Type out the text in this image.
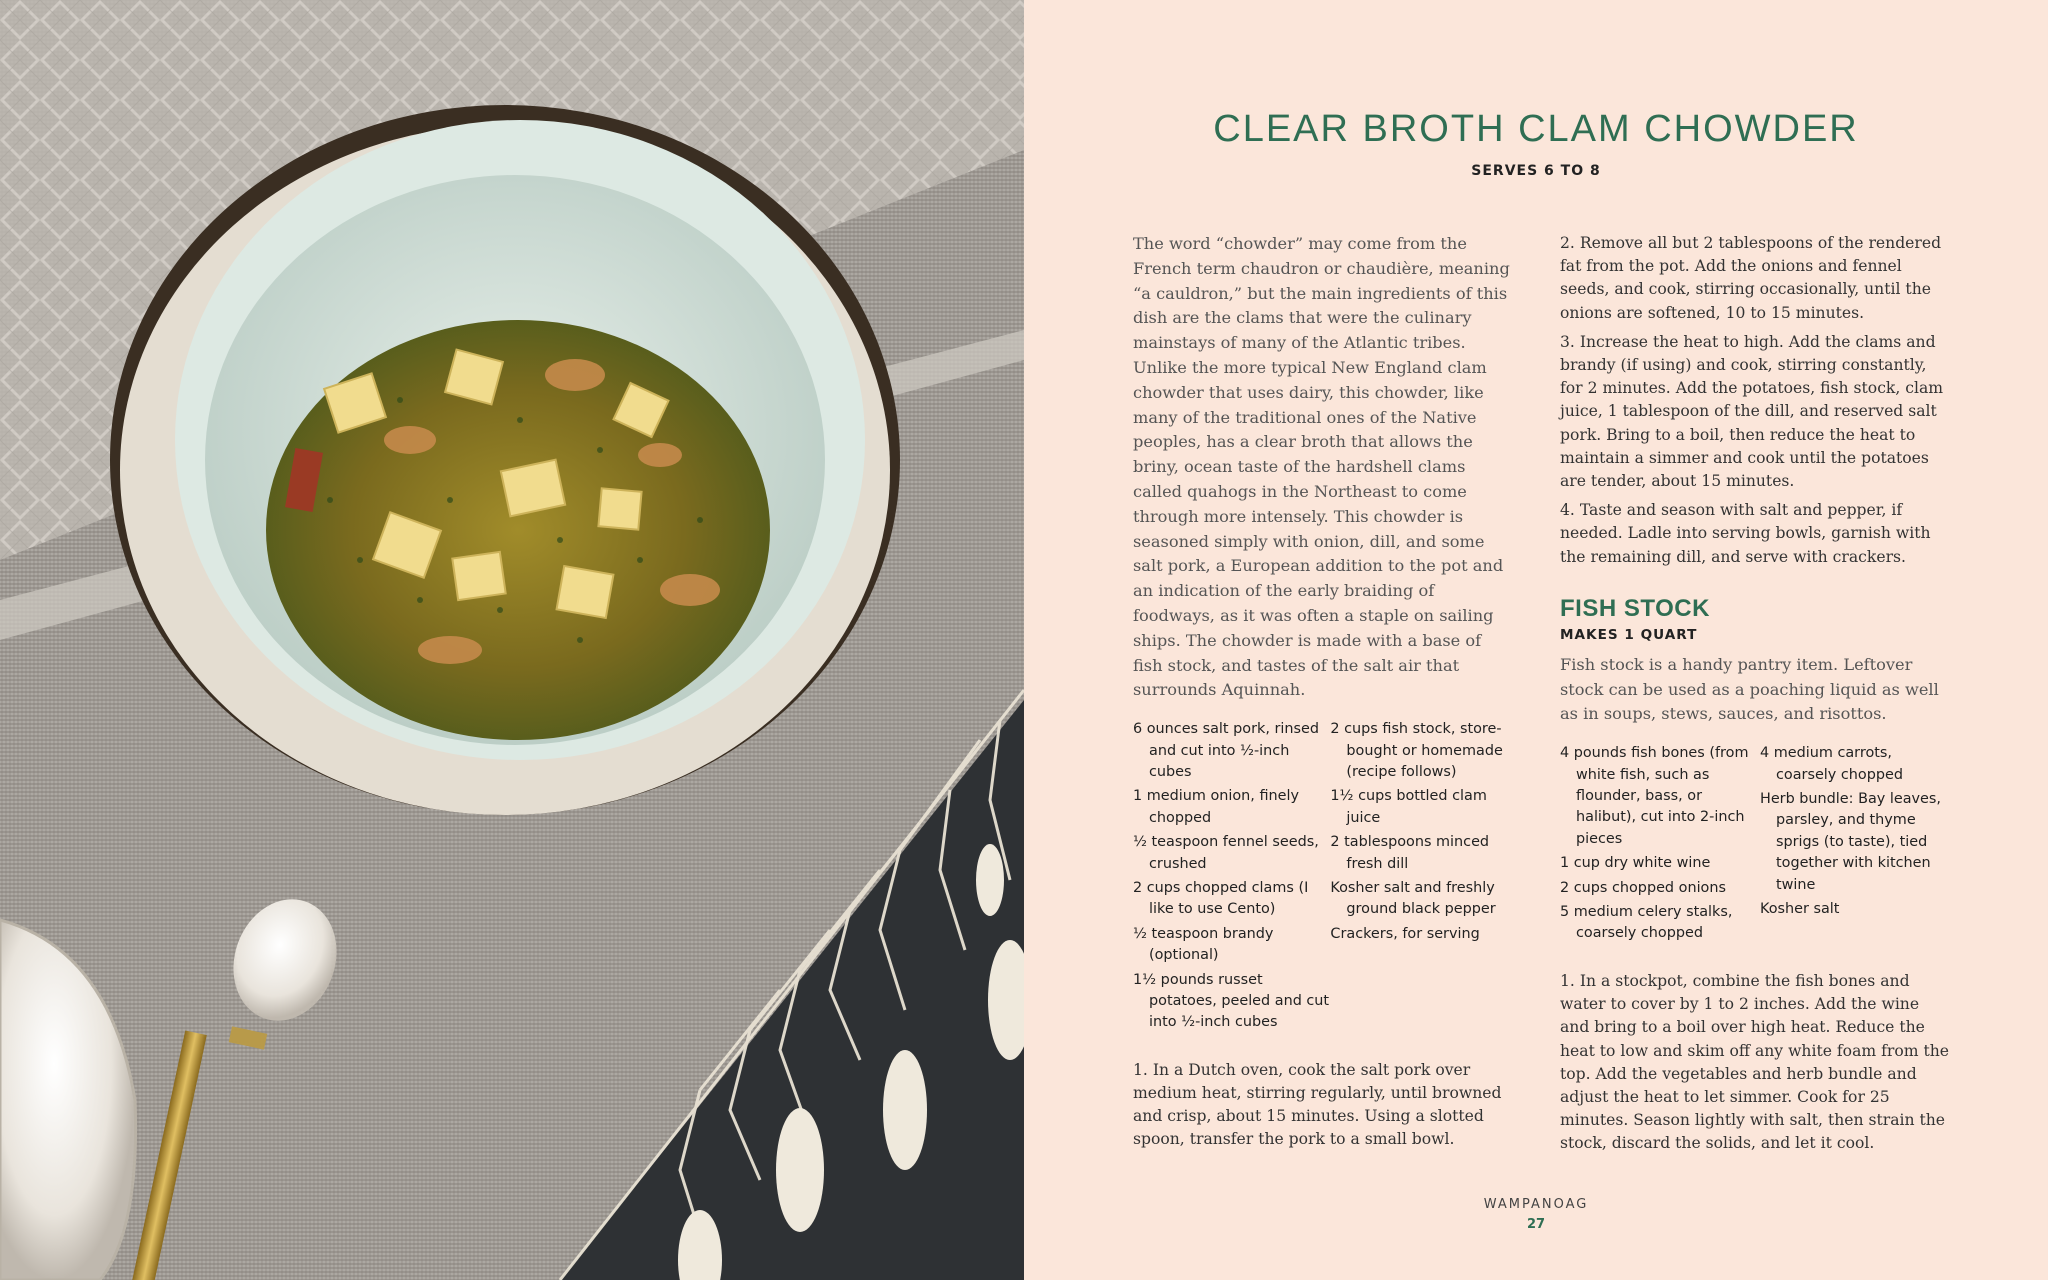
CLEAR BROTH CLAM CHOWDER
SERVES 6 TO 8

The word “chowder” may come from the French term chaudron or chaudière, meaning “a cauldron,” but the main ingredients of this dish are the clams that were the culinary mainstays of many of the Atlantic tribes. Unlike the more typical New England clam chowder that uses dairy, this chowder, like many of the traditional ones of the Native peoples, has a clear broth that allows the briny, ocean taste of the hardshell clams called quahogs in the Northeast to come through more intensely. This chowder is seasoned simply with onion, dill, and some salt pork, a European addition to the pot and an indication of the early braiding of foodways, as it was often a staple on sailing ships. The chowder is made with a base of fish stock, and tastes of the salt air that surrounds Aquinnah.

6 ounces salt pork, rinsed and cut into ½-inch cubes

1 medium onion, finely chopped

½ teaspoon fennel seeds, crushed

2 cups chopped clams (I like to use Cento)

½ teaspoon brandy (optional)

1½ pounds russet potatoes, peeled and cut into ½-inch cubes

2 cups fish stock, store-bought or homemade (recipe follows)

1½ cups bottled clam juice

2 tablespoons minced fresh dill

Kosher salt and freshly ground black pepper

Crackers, for serving

1. In a Dutch oven, cook the salt pork over medium heat, stirring regularly, until browned and crisp, about 15 minutes. Using a slotted spoon, transfer the pork to a small bowl.

2. Remove all but 2 tablespoons of the rendered fat from the pot. Add the onions and fennel seeds, and cook, stirring occasionally, until the onions are softened, 10 to 15 minutes.

3. Increase the heat to high. Add the clams and brandy (if using) and cook, stirring constantly, for 2 minutes. Add the potatoes, fish stock, clam juice, 1 tablespoon of the dill, and reserved salt pork. Bring to a boil, then reduce the heat to maintain a simmer and cook until the potatoes are tender, about 15 minutes.

4. Taste and season with salt and pepper, if needed. Ladle into serving bowls, garnish with the remaining dill, and serve with crackers.

FISH STOCK
MAKES 1 QUART

Fish stock is a handy pantry item. Leftover stock can be used as a poaching liquid as well as in soups, stews, sauces, and risottos.

4 pounds fish bones (from white fish, such as flounder, bass, or halibut), cut into 2-inch pieces

1 cup dry white wine

2 cups chopped onions

5 medium celery stalks, coarsely chopped

4 medium carrots, coarsely chopped

Herb bundle: Bay leaves, parsley, and thyme sprigs (to taste), tied together with kitchen twine

Kosher salt

1. In a stockpot, combine the fish bones and water to cover by 1 to 2 inches. Add the wine and bring to a boil over high heat. Reduce the heat to low and skim off any white foam from the top. Add the vegetables and herb bundle and adjust the heat to let simmer. Cook for 25 minutes. Season lightly with salt, then strain the stock, discard the solids, and let it cool.

WAMPANOAG
27
